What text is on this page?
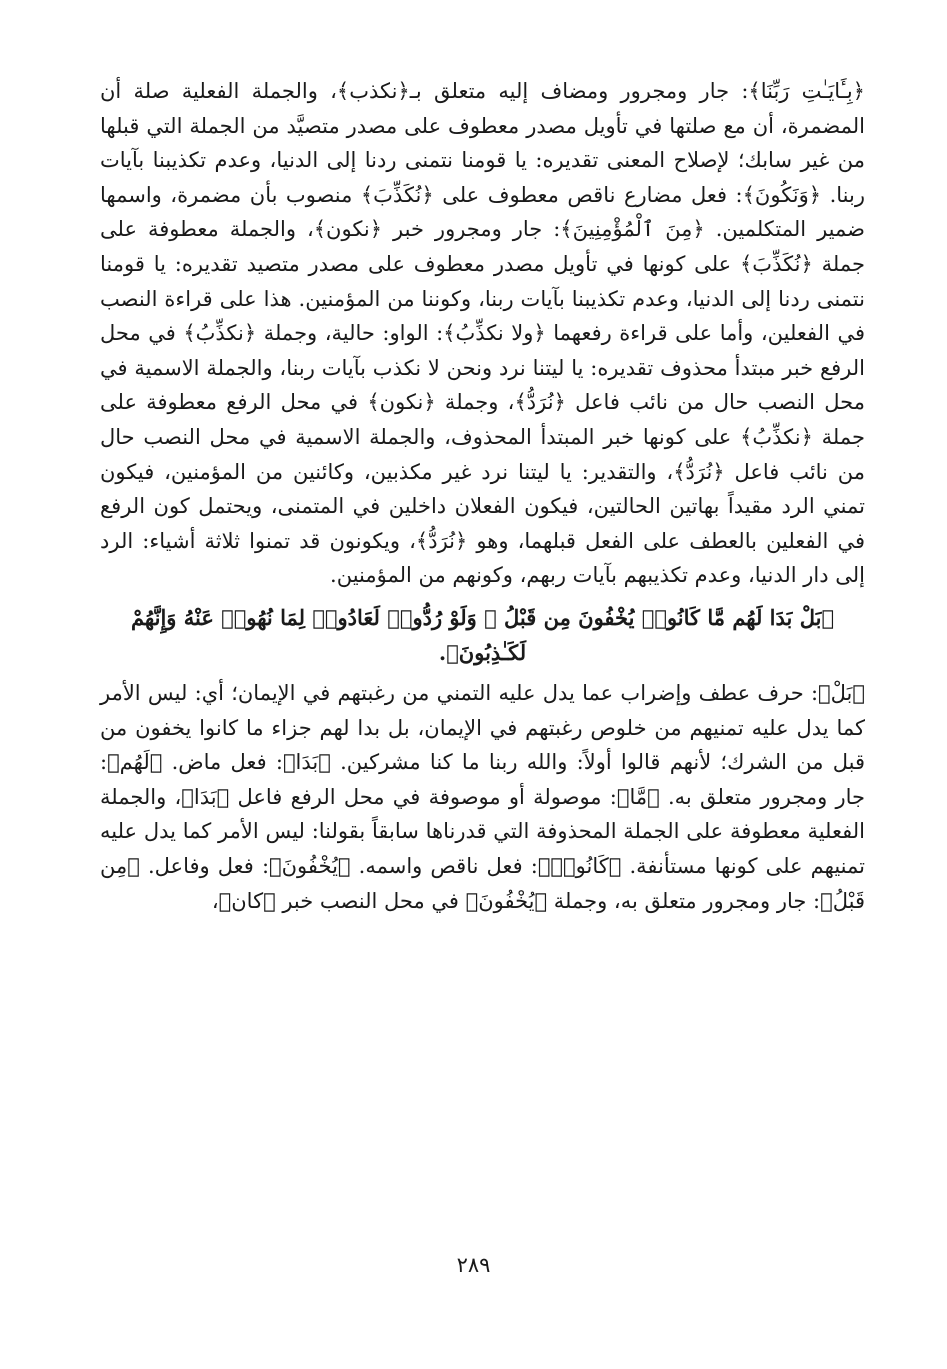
﴿بِـَٔايَـٰتِ رَبِّنَا﴾: جار ومجرور ومضاف إليه متعلق بـ﴿نكذب﴾، والجملة الفعلية صلة أن المضمرة، أن مع صلتها في تأويل مصدر معطوف على مصدر متصيَّد من الجملة التي قبلها من غير سابك؛ لإصلاح المعنى تقديره: يا قومنا نتمنى ردنا إلى الدنيا، وعدم تكذيبنا بآيات ربنا. ﴿وَنَكُونَ﴾: فعل مضارع ناقص معطوف على ﴿نُكَذِّبَ﴾ منصوب بأن مضمرة، واسمها ضمير المتكلمين. ﴿مِنَ ٱلْمُؤْمِنِينَ﴾: جار ومجرور خبر ﴿نكون﴾، والجملة معطوفة على جملة ﴿نُكَذِّبَ﴾ على كونها في تأويل مصدر معطوف على مصدر متصيد تقديره: يا قومنا نتمنى ردنا إلى الدنيا، وعدم تكذيبنا بآيات ربنا، وكوننا من المؤمنين. هذا على قراءة النصب في الفعلين، وأما على قراءة رفعهما ﴿ولا نكذِّبُ﴾: الواو: حالية، وجملة ﴿نكذِّبُ﴾ في محل الرفع خبر مبتدأ محذوف تقديره: يا ليتنا نرد ونحن لا نكذب بآيات ربنا، والجملة الاسمية في محل النصب حال من نائب فاعل ﴿نُرَدُّ﴾، وجملة ﴿نكون﴾ في محل الرفع معطوفة على جملة ﴿نكذِّبُ﴾ على كونها خبر المبتدأ المحذوف، والجملة الاسمية في محل النصب حال من نائب فاعل ﴿نُرَدُّ﴾، والتقدير: يا ليتنا نرد غير مكذبين، وكائنين من المؤمنين، فيكون تمني الرد مقيداً بهاتين الحالتين، فيكون الفعلان داخلين في المتمنى، ويحتمل كون الرفع في الفعلين بالعطف على الفعل قبلهما، وهو ﴿نُرَدُّ﴾، ويكونون قد تمنوا ثلاثة أشياء: الرد إلى دار الدنيا، وعدم تكذيبهم بآيات ربهم، وكونهم من المؤمنين.

﴿بَلْ بَدَا لَهُم مَّا كَانُوا۟ يُخْفُونَ مِن قَبْلُ ۖ وَلَوْ رُدُّوا۟ لَعَادُوا۟ لِمَا نُهُوا۟ عَنْهُ وَإِنَّهُمْ لَكَـٰذِبُونَ﴾.

﴿بَلْ﴾: حرف عطف وإضراب عما يدل عليه التمني من رغبتهم في الإيمان؛ أي: ليس الأمر كما يدل عليه تمنيهم من خلوص رغبتهم في الإيمان، بل بدا لهم جزاء ما كانوا يخفون من قبل من الشرك؛ لأنهم قالوا أولاً: والله ربنا ما كنا مشركين. ﴿بَدَا﴾: فعل ماض. ﴿لَهُم﴾: جار ومجرور متعلق به. ﴿مَّا﴾: موصولة أو موصوفة في محل الرفع فاعل ﴿بَدَا﴾، والجملة الفعلية معطوفة على الجملة المحذوفة التي قدرناها سابقاً بقولنا: ليس الأمر كما يدل عليه تمنيهم على كونها مستأنفة. ﴿كَانُوا۟﴾: فعل ناقص واسمه. ﴿يُخْفُونَ﴾: فعل وفاعل. ﴿مِن قَبْلُ﴾: جار ومجرور متعلق به، وجملة ﴿يُخْفُونَ﴾ في محل النصب خبر ﴿كان﴾،

٢٨٩
